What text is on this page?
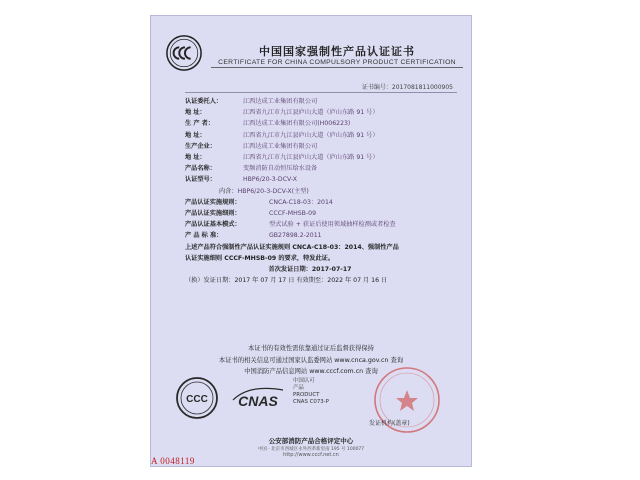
中国国家强制性产品认证证书
CERTIFICATE FOR CHINA COMPULSORY PRODUCT CERTIFICATION
证书编号：2017081811000905
认证委托人：	江西达成工业集团有限公司
地 址：	江西省九江市九江县庐山大道（庐山东路 91 号）
生 产 者：	江西达成工业集团有限公司(H006223)
地 址：	江西省九江市九江县庐山大道（庐山东路 91 号）
生产企业：	江西达成工业集团有限公司
地 址：	江西省九江市九江县庐山大道（庐山东路 91 号）
产品名称：	变频消防自动恒压给水设备
认证型号：	HBP6/20-3-DCV-X
内含： HBP6/20-3-DCV-X(主型)
产品认证实施规则：	CNCA-C18-03：2014
产品认证实施细则：	CCCF-MHSB-09
产品认证基本模式：	型式试验 + 获证后使用领域抽样检测或者检查
产 品 标 准：	GB27898.2-2011
上述产品符合强制性产品认证实施规则 CNCA-C18-03：2014、强制性产品
认证实施细则 CCCF-MHSB-09 的要求，特发此证。
首次发证日期：2017-07-17
（换）发证日期：2017 年 07 月 17 日 有效期至：2022 年 07 月 16 日
本证书的有效性需依靠通过证后监督获得保持
本证书的相关信息可通过国家认监委网站 www.cnca.gov.cn 查询
中国消防产品信息网站 www.cccf.com.cn 查询
CCC CNAS
中国认可
产品
PRODUCT
CNAS C073-P
发证机构(盖章)
公安部消防产品合格评定中心
中国 · 北京市西城区永外西革新里南 195 号 100077
http://www.cccf.net.cn
A 0048119
